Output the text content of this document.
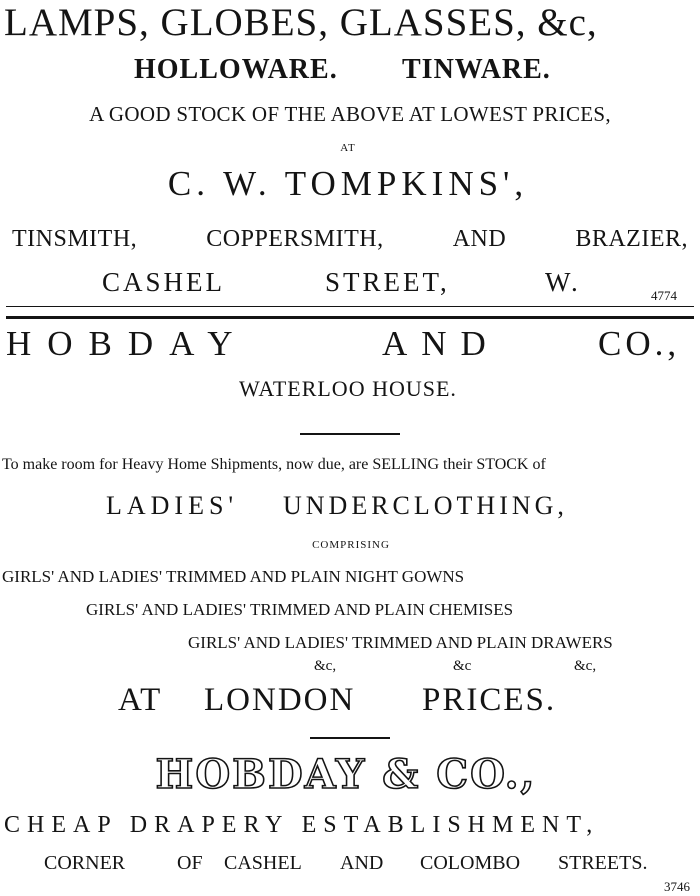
LAMPS, GLOBES, GLASSES, &c,
HOLLOWARE. TINWARE.
A GOOD STOCK OF THE ABOVE AT LOWEST PRICES,
AT
C. W. TOMPKINS',
TINSMITH,	COPPERSMITH,	AND	BRAZIER,
CASHEL	STREET,	W.	4774
HOBDAY	AND	CO.,
WATERLOO HOUSE.
To make room for Heavy Home Shipments, now due, are SELLING their STOCK of
LADIES' UNDERCLOTHING,
COMPRISING
GIRLS' AND LADIES' TRIMMED AND PLAIN NIGHT GOWNS
GIRLS' AND LADIES' TRIMMED AND PLAIN CHEMISES
GIRLS' AND LADIES' TRIMMED AND PLAIN DRAWERS
&c,	&c	&c,
AT LONDON PRICES.
HOBDAY & CO.,
CHEAP DRAPERY ESTABLISHMENT,
CORNER	OF CASHEL AND COLOMBO STREETS.
3746
